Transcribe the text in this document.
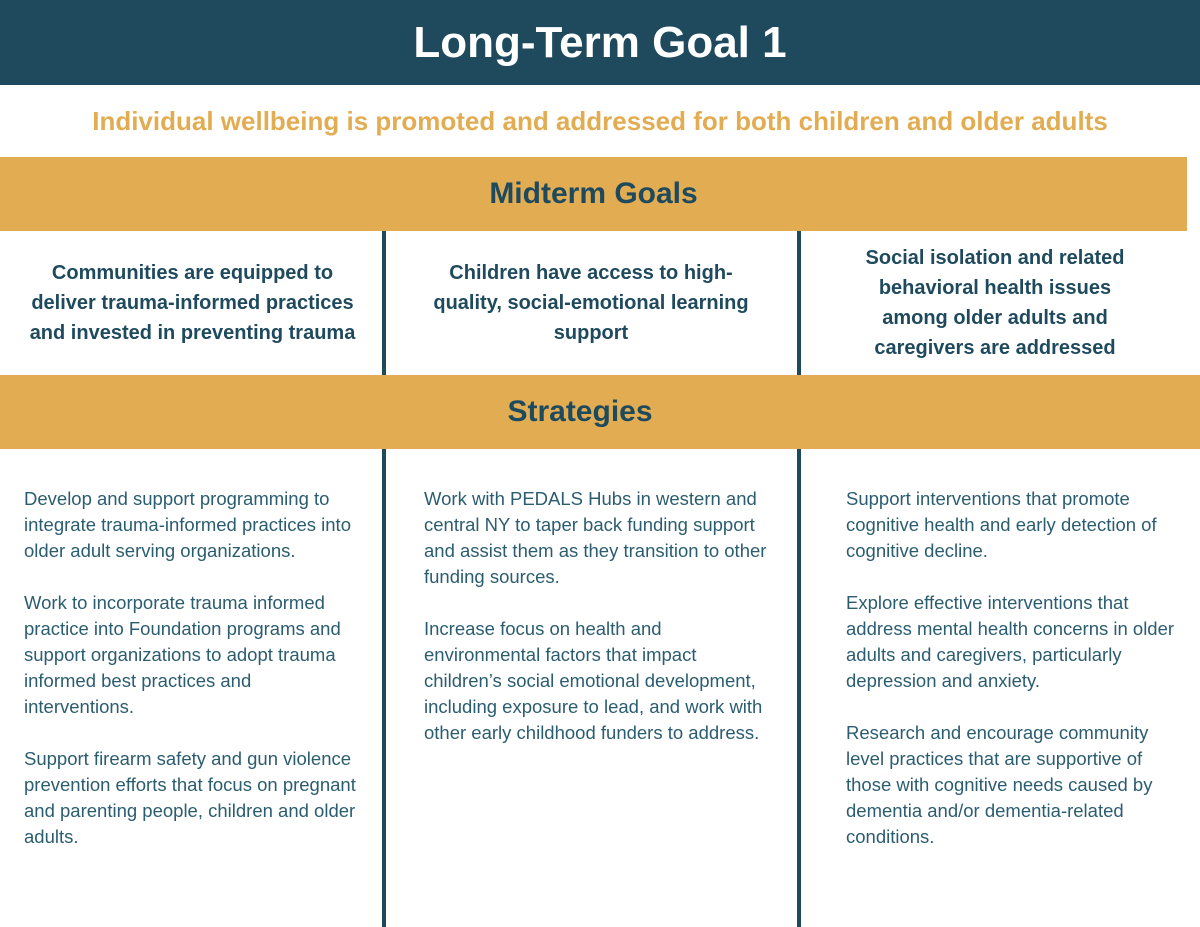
Long-Term Goal 1
Individual wellbeing is promoted and addressed for both children and older adults
Midterm Goals
Communities are equipped to deliver trauma-informed practices and invested in preventing trauma
Children have access to high-quality, social-emotional learning support
Social isolation and related behavioral health issues among older adults and caregivers are addressed
Strategies

Develop and support programming to integrate trauma-informed practices into older adult serving organizations.

Work to incorporate trauma informed practice into Foundation programs and support organizations to adopt trauma informed best practices and interventions.

Support firearm safety and gun violence prevention efforts that focus on pregnant and parenting people, children and older adults.

Work with PEDALS Hubs in western and central NY to taper back funding support and assist them as they transition to other funding sources.

Increase focus on health and environmental factors that impact children’s social emotional development, including exposure to lead, and work with other early childhood funders to address.

Support interventions that promote cognitive health and early detection of cognitive decline.

Explore effective interventions that address mental health concerns in older adults and caregivers, particularly depression and anxiety.

Research and encourage community level practices that are supportive of those with cognitive needs caused by dementia and/or dementia-related conditions.
